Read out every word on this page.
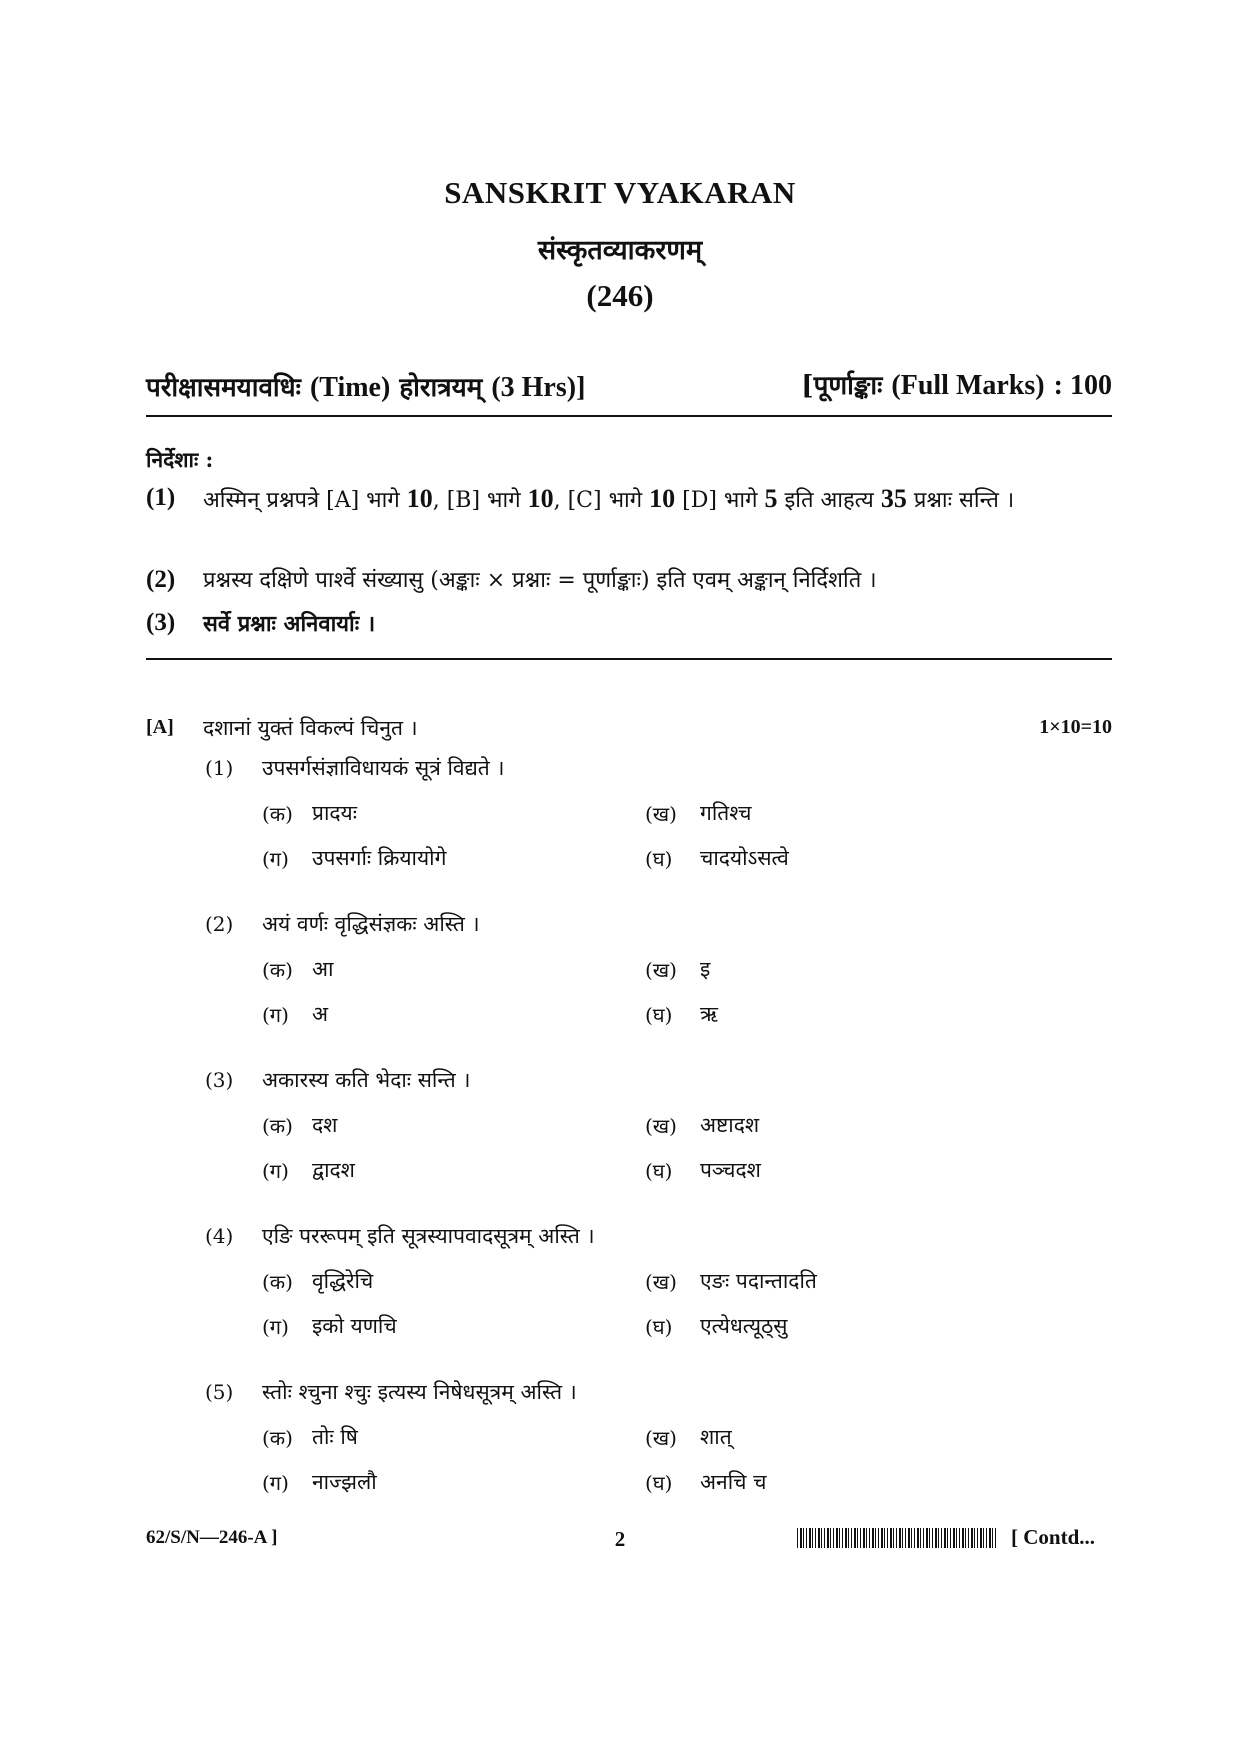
SANSKRIT VYAKARAN
संस्कृतव्याकरणम्
(246)
परीक्षासमयावधिः (Time) होरात्रयम् (3 Hrs)]	[पूर्णाङ्काः (Full Marks) : 100
निर्देशाः :
(1) अस्मिन् प्रश्नपत्रे [A] भागे 10, [B] भागे 10, [C] भागे 10 [D] भागे 5 इति आहत्य 35 प्रश्नाः सन्ति ।
(2) प्रश्नस्य दक्षिणे पार्श्वे संख्यासु (अङ्काः × प्रश्नाः = पूर्णाङ्काः) इति एवम् अङ्कान् निर्दिशति ।
(3) सर्वे प्रश्नाः अनिवार्याः ।
[A] दशानां युक्तं विकल्पं चिनुत ।	1×10=10
(1) उपसर्गसंज्ञाविधायकं सूत्रं विद्यते ।
(क) प्रादयः	(ख) गतिश्च
(ग) उपसर्गाः क्रियायोगे	(घ) चादयोऽसत्वे
(2) अयं वर्णः वृद्धिसंज्ञकः अस्ति ।
(क) आ	(ख) इ
(ग) अ	(घ) ऋ
(3) अकारस्य कति भेदाः सन्ति ।
(क) दश	(ख) अष्टादश
(ग) द्वादश	(घ) पञ्चदश
(4) एङि पररूपम् इति सूत्रस्यापवादसूत्रम् अस्ति ।
(क) वृद्धिरेचि	(ख) एङः पदान्तादति
(ग) इको यणचि	(घ) एत्येधत्यूठ्सु
(5) स्तोः श्चुना श्चुः इत्यस्य निषेधसूत्रम् अस्ति ।
(क) तोः षि	(ख) शात्
(ग) नाज्झलौ	(घ) अनचि च
62/S/N—246-A ]	2	[ Contd...
